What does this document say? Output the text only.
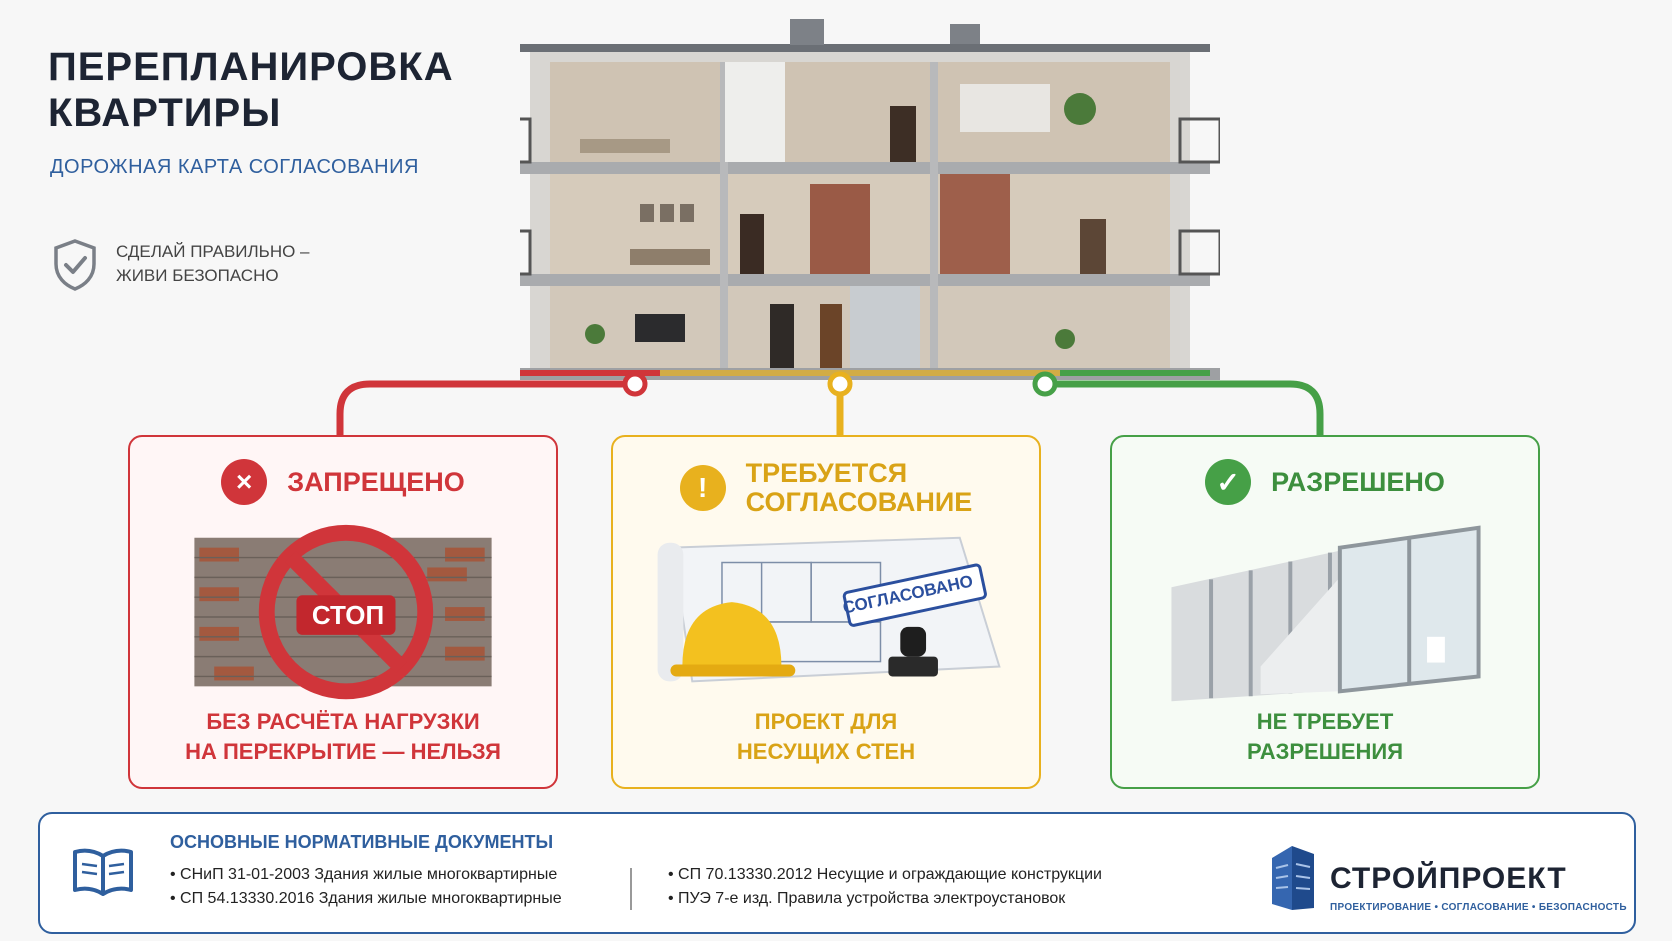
ПЕРЕПЛАНИРОВКА КВАРТИРЫ
ДОРОЖНАЯ КАРТА СОГЛАСОВАНИЯ
СДЕЛАЙ ПРАВИЛЬНО –
ЖИВИ БЕЗОПАСНО
×	ЗАПРЕЩЕНО
СТОП
БЕЗ РАСЧЁТА НАГРУЗКИ
НА ПЕРЕКРЫТИЕ — НЕЛЬЗЯ
!	ТРЕБУЕТСЯ
СОГЛАСОВАНИЕ
СОГЛАСОВАНО
ПРОЕКТ ДЛЯ
НЕСУЩИХ СТЕН
✓	РАЗРЕШЕНО
НЕ ТРЕБУЕТ
РАЗРЕШЕНИЯ
ОСНОВНЫЕ НОРМАТИВНЫЕ ДОКУМЕНТЫ
• СНиП 31-01-2003 Здания жилые многоквартирные
• СП 54.13330.2016 Здания жилые многоквартирные
• СП 70.13330.2012 Несущие и ограждающие конструкции
• ПУЭ 7-е изд. Правила устройства электроустановок
СТРОЙПРОЕКТ
ПРОЕКТИРОВАНИЕ • СОГЛАСОВАНИЕ • БЕЗОПАСНОСТЬ
